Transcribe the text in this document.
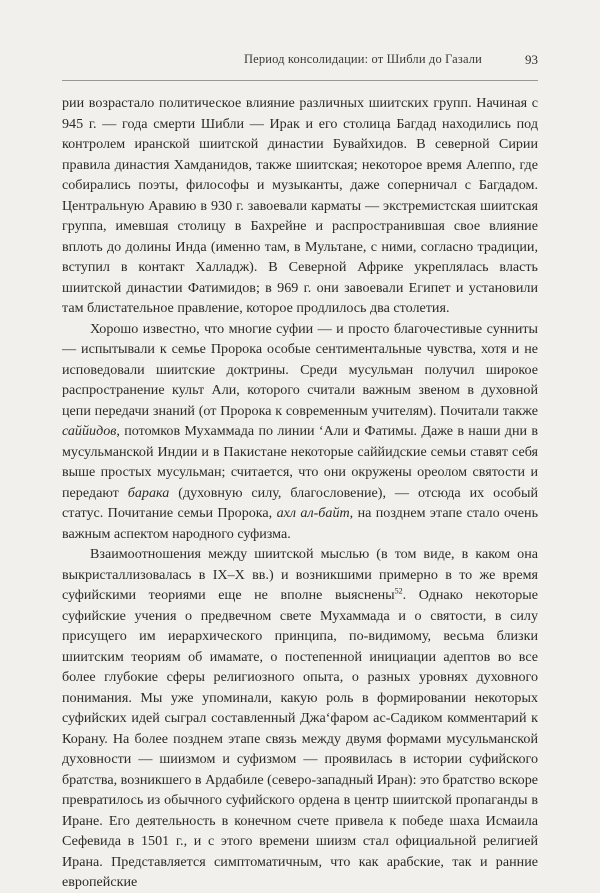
Период консолидации: от Шибли до Газали	93

рии возрастало политическое влияние различных шиитских групп. Начиная с 945 г. — года смерти Шибли — Ирак и его столица Багдад находились под контролем иранской шиитской династии Бувайхидов. В северной Сирии правила династия Хамданидов, также шиитская; некоторое время Алеппо, где собирались поэты, философы и музыканты, даже соперничал с Багдадом. Центральную Аравию в 930 г. завоевали карматы — экстремистская шиитская группа, имевшая столицу в Бахрейне и распространившая свое влияние вплоть до долины Инда (именно там, в Мультане, с ними, согласно традиции, вступил в контакт Халладж). В Северной Африке укреплялась власть шиитской династии Фатимидов; в 969 г. они завоевали Египет и установили там блистательное правление, которое продлилось два столетия.

Хорошо известно, что многие суфии — и просто благочестивые сунниты — испытывали к семье Пророка особые сентиментальные чувства, хотя и не исповедовали шиитские доктрины. Среди мусульман получил широкое распространение культ Али, которого считали важным звеном в духовной цепи передачи знаний (от Пророка к современным учителям). Почитали также саййидов, потомков Мухаммада по линии ‘Али и Фатимы. Даже в наши дни в мусульманской Индии и в Пакистане некоторые саййидские семьи ставят себя выше простых мусульман; считается, что они окружены ореолом святости и передают барака (духовную силу, благословение), — отсюда их особый статус. Почитание семьи Пророка, ахл ал-байт, на позднем этапе стало очень важным аспектом народного суфизма.

Взаимоотношения между шиитской мыслью (в том виде, в каком она выкристаллизовалась в IX–X вв.) и возникшими примерно в то же время суфийскими теориями еще не вполне выяснены$^{52}$. Однако некоторые суфийские учения о предвечном свете Мухаммада и о святости, в силу присущего им иерархического принципа, по-видимому, весьма близки шиитским теориям об имамате, о постепенной инициации адептов во все более глубокие сферы религиозного опыта, о разных уровнях духовного понимания. Мы уже упоминали, какую роль в формировании некоторых суфийских идей сыграл составленный Джа‘фаром ас-Садиком комментарий к Корану. На более позднем этапе связь между двумя формами мусульманской духовности — шиизмом и суфизмом — проявилась в истории суфийского братства, возникшего в Ардабиле (северо-западный Иран): это братство вскоре превратилось из обычного суфийского ордена в центр шиитской пропаганды в Иране. Его деятельность в конечном счете привела к победе шаха Исмаила Сефевида в 1501 г., и с этого времени шиизм стал официальной религией Ирана. Представляется симптоматичным, что как арабские, так и ранние европейские
